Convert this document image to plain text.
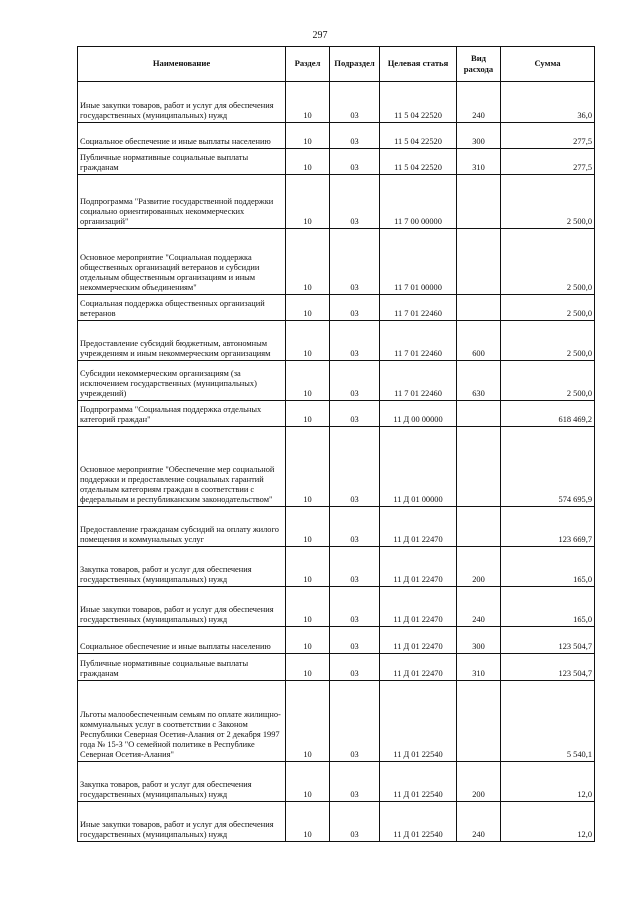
297
Наименование	Раздел	Подраздел	Целевая статья	Вид расхода	Сумма
Иные закупки товаров, работ и услуг для обеспечения государственных (муниципальных) нужд	10	03	11 5 04 22520	240	36,0
Социальное обеспечение и иные выплаты населению	10	03	11 5 04 22520	300	277,5
Публичные нормативные социальные выплаты гражданам	10	03	11 5 04 22520	310	277,5
Подпрограмма "Развитие государственной поддержки социально ориентированных некоммерческих организаций"	10	03	11 7 00 00000		2 500,0
Основное мероприятие "Социальная поддержка общественных организаций ветеранов и субсидии отдельным общественным организациям и иным некоммерческим объединениям"	10	03	11 7 01 00000		2 500,0
Социальная поддержка общественных организаций ветеранов	10	03	11 7 01 22460		2 500,0
Предоставление субсидий бюджетным, автономным учреждениям и иным некоммерческим организациям	10	03	11 7 01 22460	600	2 500,0
Субсидии некоммерческим организациям (за исключением государственных (муниципальных) учреждений)	10	03	11 7 01 22460	630	2 500,0
Подпрограмма "Социальная поддержка отдельных категорий граждан"	10	03	11 Д 00 00000		618 469,2
Основное мероприятие "Обеспечение мер социальной поддержки и предоставление социальных гарантий отдельным категориям граждан в соответствии с федеральным и республиканским законодательством"	10	03	11 Д 01 00000		574 695,9
Предоставление гражданам субсидий на оплату жилого помещения и коммунальных услуг	10	03	11 Д 01 22470		123 669,7
Закупка товаров, работ и услуг для обеспечения государственных (муниципальных) нужд	10	03	11 Д 01 22470	200	165,0
Иные закупки товаров, работ и услуг для обеспечения государственных (муниципальных) нужд	10	03	11 Д 01 22470	240	165,0
Социальное обеспечение и иные выплаты населению	10	03	11 Д 01 22470	300	123 504,7
Публичные нормативные социальные выплаты гражданам	10	03	11 Д 01 22470	310	123 504,7
Льготы малообеспеченным семьям по оплате жилищно-коммунальных услуг в соответствии с Законом Республики Северная Осетия-Алания от 2 декабря 1997 года № 15-З "О семейной политике в Республике Северная Осетия-Алания"	10	03	11 Д 01 22540		5 540,1
Закупка товаров, работ и услуг для обеспечения государственных (муниципальных) нужд	10	03	11 Д 01 22540	200	12,0
Иные закупки товаров, работ и услуг для обеспечения государственных (муниципальных) нужд	10	03	11 Д 01 22540	240	12,0
